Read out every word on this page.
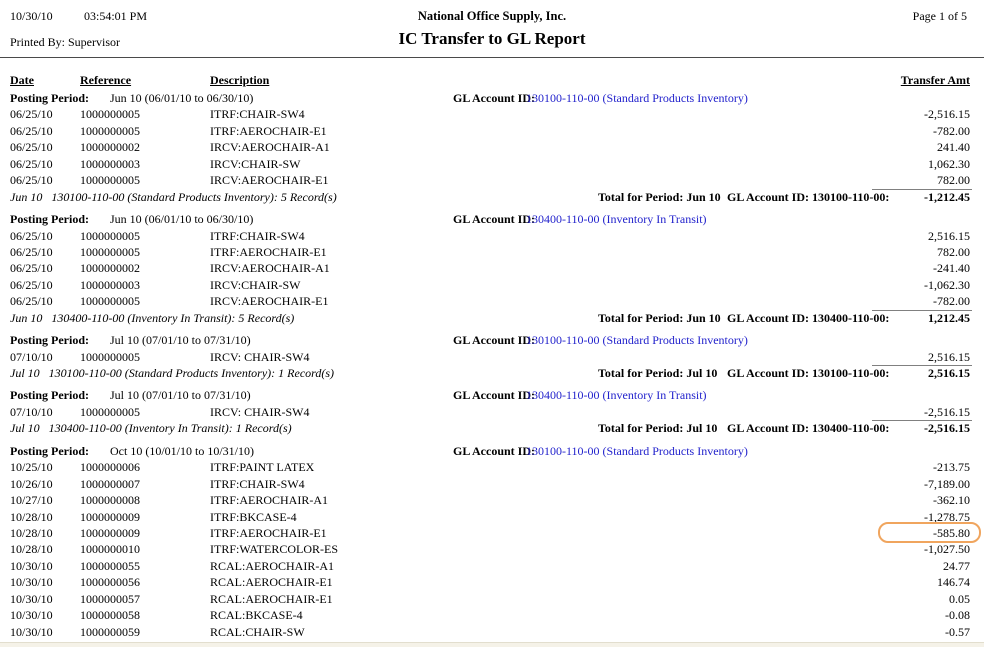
10/30/10	03:54:01 PM
Printed By: Supervisor
National Office Supply, Inc.
IC Transfer to GL Report
Page 1 of 5
Date	Reference	Description	Transfer Amt
Posting Period: Jun 10 (06/01/10 to 06/30/10)	GL Account ID:
130100-110-00 (Standard Products Inventory)
06/25/10 1000000005	ITRF:CHAIR-SW4	-2,516.15
06/25/10 1000000005	ITRF:AEROCHAIR-E1	-782.00
06/25/10 1000000002	IRCV:AEROCHAIR-A1	241.40
06/25/10 1000000003	IRCV:CHAIR-SW	1,062.30
06/25/10 1000000005	IRCV:AEROCHAIR-E1	782.00
Jun 10   130100-110-00 (Standard Products Inventory): 5 Record(s)	Total for Period: Jun 10 GL Account ID: 130100-110-00:	-1,212.45
Posting Period: Jun 10 (06/01/10 to 06/30/10)	GL Account ID:
130400-110-00 (Inventory In Transit)
06/25/10 1000000005	ITRF:CHAIR-SW4	2,516.15
06/25/10 1000000005	ITRF:AEROCHAIR-E1	782.00
06/25/10 1000000002	IRCV:AEROCHAIR-A1	-241.40
06/25/10 1000000003	IRCV:CHAIR-SW	-1,062.30
06/25/10 1000000005	IRCV:AEROCHAIR-E1	-782.00
Jun 10   130400-110-00 (Inventory In Transit): 5 Record(s)	Total for Period: Jun 10 GL Account ID: 130400-110-00:	1,212.45
Posting Period: Jul 10 (07/01/10 to 07/31/10)	GL Account ID:
130100-110-00 (Standard Products Inventory)
07/10/10 1000000005	IRCV: CHAIR-SW4	2,516.15
Jul 10   130100-110-00 (Standard Products Inventory): 1 Record(s)	Total for Period: Jul 10 GL Account ID: 130100-110-00:	2,516.15
Posting Period: Jul 10 (07/01/10 to 07/31/10)	GL Account ID:
130400-110-00 (Inventory In Transit)
07/10/10 1000000005	IRCV: CHAIR-SW4	-2,516.15
Jul 10   130400-110-00 (Inventory In Transit): 1 Record(s)	Total for Period: Jul 10 GL Account ID: 130400-110-00:	-2,516.15
Posting Period: Oct 10 (10/01/10 to 10/31/10)	GL Account ID:
130100-110-00 (Standard Products Inventory)
10/25/10 1000000006	ITRF:PAINT LATEX	-213.75
10/26/10 1000000007	ITRF:CHAIR-SW4	-7,189.00
10/27/10 1000000008	ITRF:AEROCHAIR-A1	-362.10
10/28/10 1000000009	ITRF:BKCASE-4	-1,278.75
10/28/10 1000000009	ITRF:AEROCHAIR-E1	-585.80
10/28/10 1000000010	ITRF:WATERCOLOR-ES	-1,027.50
10/30/10 1000000055	RCAL:AEROCHAIR-A1	24.77
10/30/10 1000000056	RCAL:AEROCHAIR-E1	146.74
10/30/10 1000000057	RCAL:AEROCHAIR-E1	0.05
10/30/10 1000000058	RCAL:BKCASE-4	-0.08
10/30/10 1000000059	RCAL:CHAIR-SW	-0.57
